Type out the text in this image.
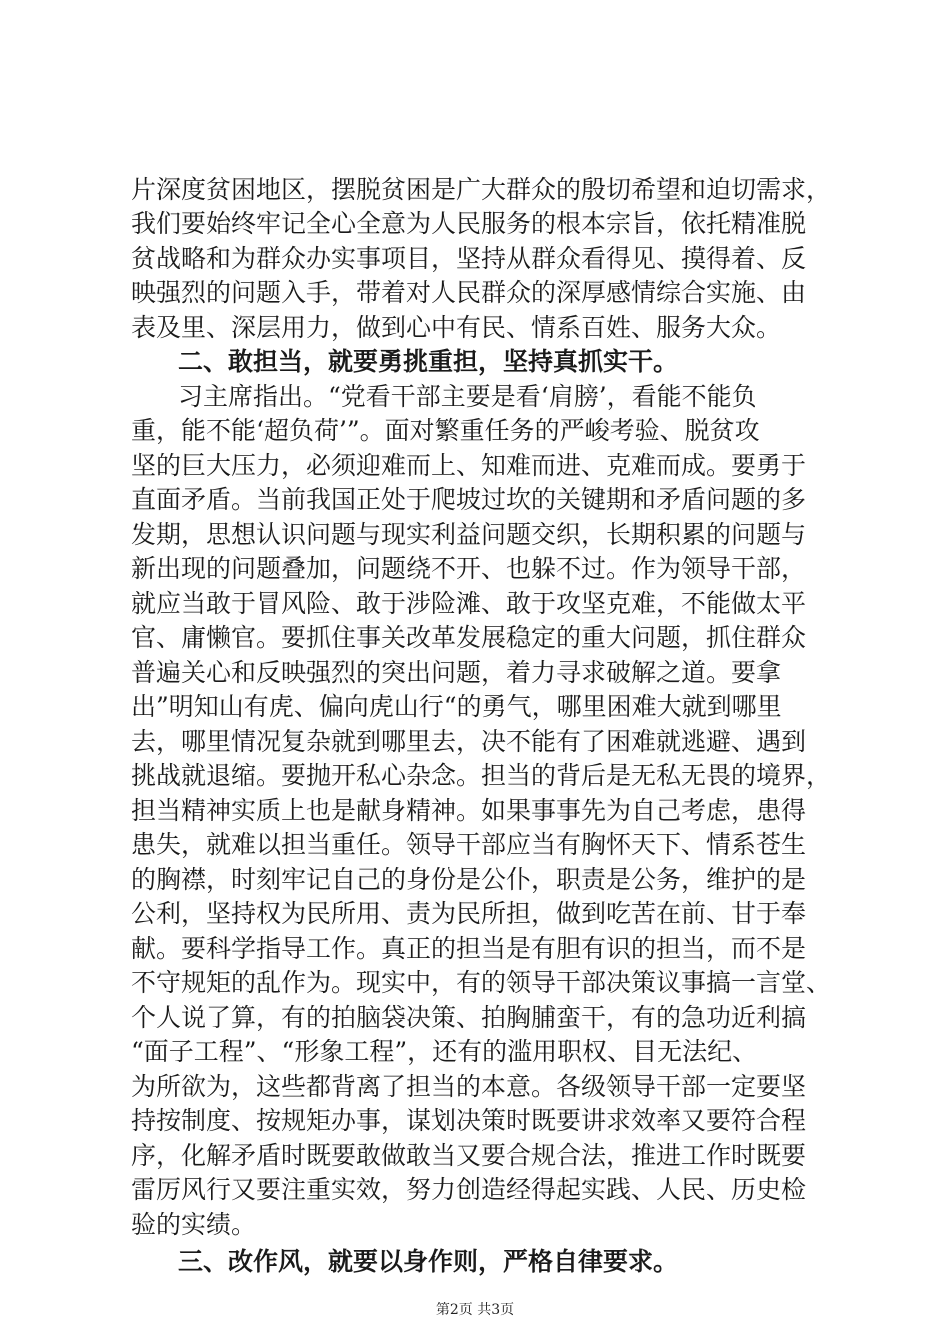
片深度贫困地区，摆脱贫困是广大群众的殷切希望和迫切需求，
我们要始终牢记全心全意为人民服务的根本宗旨，依托精准脱
贫战略和为群众办实事项目，坚持从群众看得见、摸得着、反
映强烈的问题入手，带着对人民群众的深厚感情综合实施、由
表及里、深层用力，做到心中有民、情系百姓、服务大众。
二、敢担当，就要勇挑重担，坚持真抓实干。
习主席指出。“党看干部主要是看‘肩膀’，看能不能负
重，能不能‘超负荷’”。面对繁重任务的严峻考验、脱贫攻
坚的巨大压力，必须迎难而上、知难而进、克难而成。要勇于
直面矛盾。当前我国正处于爬坡过坎的关键期和矛盾问题的多
发期，思想认识问题与现实利益问题交织，长期积累的问题与
新出现的问题叠加，问题绕不开、也躲不过。作为领导干部，
就应当敢于冒风险、敢于涉险滩、敢于攻坚克难，不能做太平
官、庸懒官。要抓住事关改革发展稳定的重大问题，抓住群众
普遍关心和反映强烈的突出问题，着力寻求破解之道。要拿
出”明知山有虎、偏向虎山行“的勇气，哪里困难大就到哪里
去，哪里情况复杂就到哪里去，决不能有了困难就逃避、遇到
挑战就退缩。要抛开私心杂念。担当的背后是无私无畏的境界，
担当精神实质上也是献身精神。如果事事先为自己考虑，患得
患失，就难以担当重任。领导干部应当有胸怀天下、情系苍生
的胸襟，时刻牢记自己的身份是公仆，职责是公务，维护的是
公利，坚持权为民所用、责为民所担，做到吃苦在前、甘于奉
献。要科学指导工作。真正的担当是有胆有识的担当，而不是
不守规矩的乱作为。现实中，有的领导干部决策议事搞一言堂、
个人说了算，有的拍脑袋决策、拍胸脯蛮干，有的急功近利搞
“面子工程”、“形象工程”，还有的滥用职权、目无法纪、
为所欲为，这些都背离了担当的本意。各级领导干部一定要坚
持按制度、按规矩办事，谋划决策时既要讲求效率又要符合程
序，化解矛盾时既要敢做敢当又要合规合法，推进工作时既要
雷厉风行又要注重实效，努力创造经得起实践、人民、历史检
验的实绩。
三、改作风，就要以身作则，严格自律要求。
第2页 共3页
